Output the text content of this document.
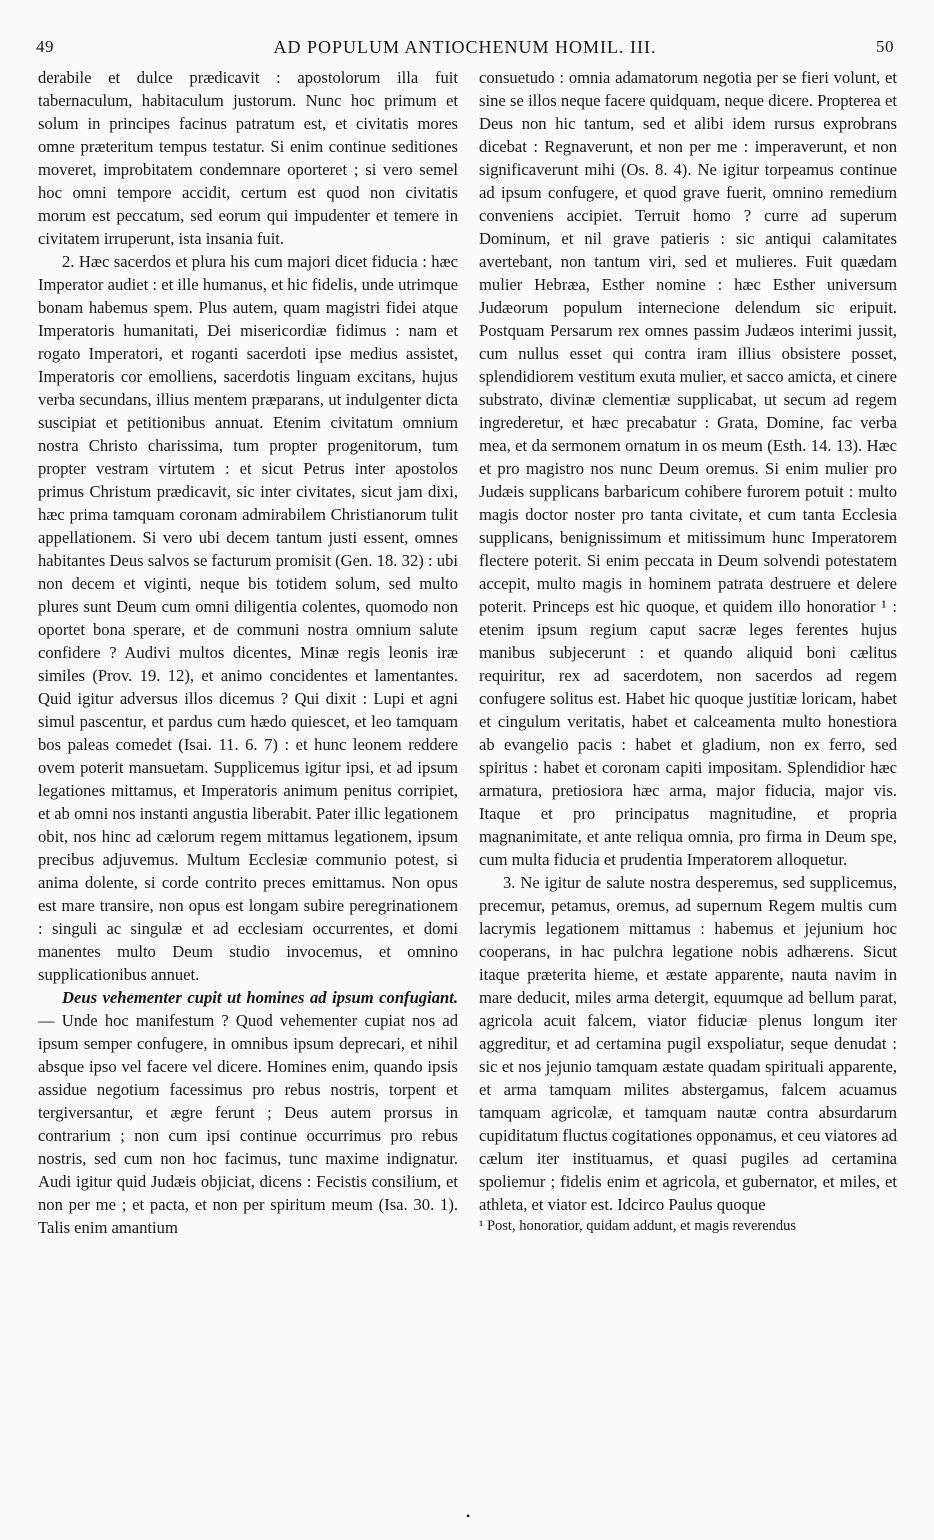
49	AD POPULUM ANTIOCHENUM HOMIL. III.	50

derabile et dulce prædicavit : apostolorum illa fuit tabernaculum, habitaculum justorum. Nunc hoc primum et solum in principes facinus patratum est, et civitatis mores omne præteritum tempus testatur. Si enim continue seditiones moveret, improbitatem condemnare oporteret ; si vero semel hoc omni tempore accidit, certum est quod non civitatis morum est peccatum, sed eorum qui impudenter et temere in civitatem irruperunt, ista insania fuit.

2. Hæc sacerdos et plura his cum majori dicet fiducia : hæc Imperator audiet : et ille humanus, et hic fidelis, unde utrimque bonam habemus spem. Plus autem, quam magistri fidei atque Imperatoris humanitati, Dei misericordiæ fidimus : nam et rogato Imperatori, et roganti sacerdoti ipse medius assistet, Imperatoris cor emolliens, sacerdotis linguam excitans, hujus verba secundans, illius mentem præparans, ut indulgenter dicta suscipiat et petitionibus annuat. Etenim civitatum omnium nostra Christo charissima, tum propter progenitorum, tum propter vestram virtutem : et sicut Petrus inter apostolos primus Christum prædicavit, sic inter civitates, sicut jam dixi, hæc prima tamquam coronam admirabilem Christianorum tulit appellationem. Si vero ubi decem tantum justi essent, omnes habitantes Deus salvos se facturum promisit (Gen. 18. 32) : ubi non decem et viginti, neque bis totidem solum, sed multo plures sunt Deum cum omni diligentia colentes, quomodo non oportet bona sperare, et de communi nostra omnium salute confidere ? Audivi multos dicentes, Minæ regis leonis iræ similes (Prov. 19. 12), et animo concidentes et lamentantes. Quid igitur adversus illos dicemus ? Qui dixit : Lupi et agni simul pascentur, et pardus cum hædo quiescet, et leo tamquam bos paleas comedet (Isai. 11. 6. 7) : et hunc leonem reddere ovem poterit mansuetam. Supplicemus igitur ipsi, et ad ipsum legationes mittamus, et Imperatoris animum penitus corripiet, et ab omni nos instanti angustia liberabit. Pater illic legationem obit, nos hinc ad cælorum regem mittamus legationem, ipsum precibus adjuvemus. Multum Ecclesiæ communio potest, si anima dolente, si corde contrito preces emittamus. Non opus est mare transire, non opus est longam subire peregrinationem : singuli ac singulæ et ad ecclesiam occurrentes, et domi manentes multo Deum studio invocemus, et omnino supplicationibus annuet.

Deus vehementer cupit ut homines ad ipsum confugiant. — Unde hoc manifestum ? Quod vehementer cupiat nos ad ipsum semper confugere, in omnibus ipsum deprecari, et nihil absque ipso vel facere vel dicere. Homines enim, quando ipsis assidue negotium facessimus pro rebus nostris, torpent et tergiversantur, et ægre ferunt ; Deus autem prorsus in contrarium ; non cum ipsi continue occurrimus pro rebus nostris, sed cum non hoc facimus, tunc maxime indignatur. Audi igitur quid Judæis objiciat, dicens : Fecistis consilium, et non per me ; et pacta, et non per spiritum meum (Isa. 30. 1). Talis enim amantium

consuetudo : omnia adamatorum negotia per se fieri volunt, et sine se illos neque facere quidquam, neque dicere. Propterea et Deus non hic tantum, sed et alibi idem rursus exprobrans dicebat : Regnaverunt, et non per me : imperaverunt, et non significaverunt mihi (Os. 8. 4). Ne igitur torpeamus continue ad ipsum confugere, et quod grave fuerit, omnino remedium conveniens accipiet. Terruit homo ? curre ad superum Dominum, et nil grave patieris : sic antiqui calamitates avertebant, non tantum viri, sed et mulieres. Fuit quædam mulier Hebræa, Esther nomine : hæc Esther universum Judæorum populum internecione delendum sic eripuit. Postquam Persarum rex omnes passim Judæos interimi jussit, cum nullus esset qui contra iram illius obsistere posset, splendidiorem vestitum exuta mulier, et sacco amicta, et cinere substrato, divinæ clementiæ supplicabat, ut secum ad regem ingrederetur, et hæc precabatur : Grata, Domine, fac verba mea, et da sermonem ornatum in os meum (Esth. 14. 13). Hæc et pro magistro nos nunc Deum oremus. Si enim mulier pro Judæis supplicans barbaricum cohibere furorem potuit : multo magis doctor noster pro tanta civitate, et cum tanta Ecclesia supplicans, benignissimum et mitissimum hunc Imperatorem flectere poterit. Si enim peccata in Deum solvendi potestatem accepit, multo magis in hominem patrata destruere et delere poterit. Princeps est hic quoque, et quidem illo honoratior ¹ : etenim ipsum regium caput sacræ leges ferentes hujus manibus subjecerunt : et quando aliquid boni cælitus requiritur, rex ad sacerdotem, non sacerdos ad regem confugere solitus est. Habet hic quoque justitiæ loricam, habet et cingulum veritatis, habet et calceamenta multo honestiora ab evangelio pacis : habet et gladium, non ex ferro, sed spiritus : habet et coronam capiti impositam. Splendidior hæc armatura, pretiosiora hæc arma, major fiducia, major vis. Itaque et pro principatus magnitudine, et propria magnanimitate, et ante reliqua omnia, pro firma in Deum spe, cum multa fiducia et prudentia Imperatorem alloquetur.

3. Ne igitur de salute nostra desperemus, sed supplicemus, precemur, petamus, oremus, ad supernum Regem multis cum lacrymis legationem mittamus : habemus et jejunium hoc cooperans, in hac pulchra legatione nobis adhærens. Sicut itaque præterita hieme, et æstate apparente, nauta navim in mare deducit, miles arma detergit, equumque ad bellum parat, agricola acuit falcem, viator fiduciæ plenus longum iter aggreditur, et ad certamina pugil exspoliatur, seque denudat : sic et nos jejunio tamquam æstate quadam spirituali apparente, et arma tamquam milites abstergamus, falcem acuamus tamquam agricolæ, et tamquam nautæ contra absurdarum cupiditatum fluctus cogitationes opponamus, et ceu viatores ad cælum iter instituamus, et quasi pugiles ad certamina spoliemur ; fidelis enim et agricola, et gubernator, et miles, et athleta, et viator est. Idcirco Paulus quoque

¹ Post, honoratior, quidam addunt, et magis reverendus

•
